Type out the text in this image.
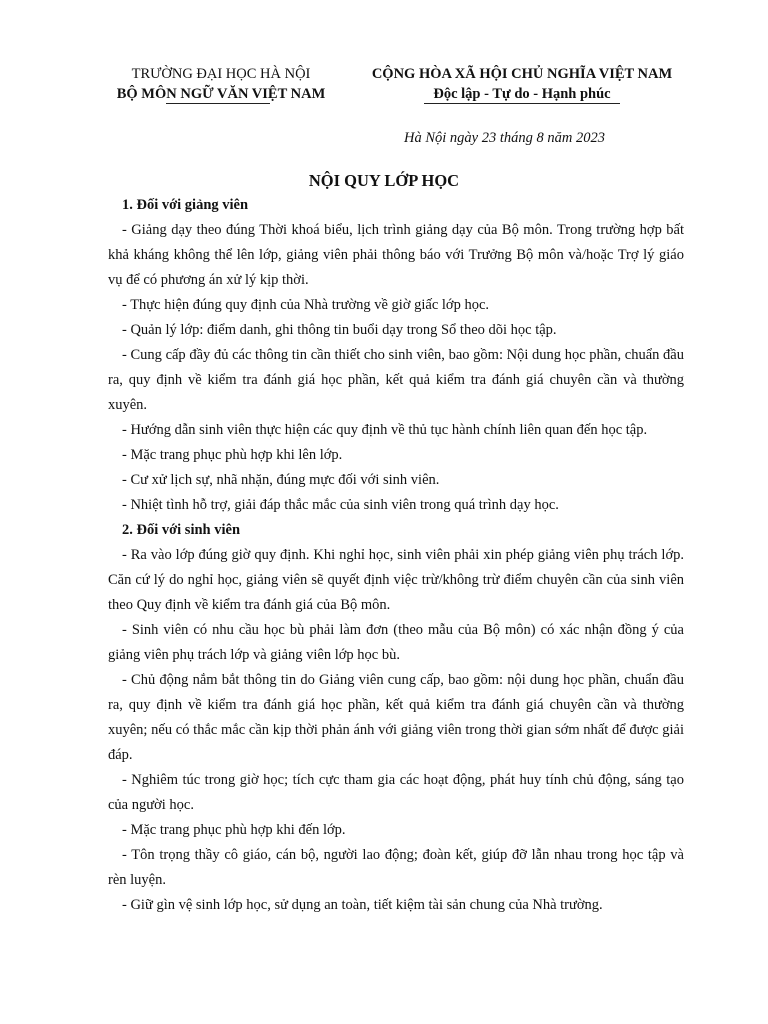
TRƯỜNG ĐẠI HỌC HÀ NỘI
BỘ MÔN NGỮ VĂN VIỆT NAM
CỘNG HÒA XÃ HỘI CHỦ NGHĨA VIỆT NAM
Độc lập - Tự do - Hạnh phúc
Hà Nội ngày 23 tháng 8 năm 2023
NỘI QUY LỚP HỌC

1. Đối với giảng viên

- Giảng dạy theo đúng Thời khoá biểu, lịch trình giảng dạy của Bộ môn. Trong trường hợp bất khả kháng không thể lên lớp, giảng viên phải thông báo với Trưởng Bộ môn và/hoặc Trợ lý giáo vụ để có phương án xử lý kịp thời.

- Thực hiện đúng quy định của Nhà trường về giờ giấc lớp học.

- Quản lý lớp: điểm danh, ghi thông tin buổi dạy trong Sổ theo dõi học tập.

- Cung cấp đầy đủ các thông tin cần thiết cho sinh viên, bao gồm: Nội dung học phần, chuẩn đầu ra, quy định về kiểm tra đánh giá học phần, kết quả kiểm tra đánh giá chuyên cần và thường xuyên.

- Hướng dẫn sinh viên thực hiện các quy định về thủ tục hành chính liên quan đến học tập.

- Mặc trang phục phù hợp khi lên lớp.

- Cư xử lịch sự, nhã nhặn, đúng mực đối với sinh viên.

- Nhiệt tình hỗ trợ, giải đáp thắc mắc của sinh viên trong quá trình dạy học.

2. Đối với sinh viên

- Ra vào lớp đúng giờ quy định. Khi nghỉ học, sinh viên phải xin phép giảng viên phụ trách lớp. Căn cứ lý do nghỉ học, giảng viên sẽ quyết định việc trừ/không trừ điểm chuyên cần của sinh viên theo Quy định về kiểm tra đánh giá của Bộ môn.

- Sinh viên có nhu cầu học bù phải làm đơn (theo mẫu của Bộ môn) có xác nhận đồng ý của giảng viên phụ trách lớp và giảng viên lớp học bù.

- Chủ động nắm bắt thông tin do Giảng viên cung cấp, bao gồm: nội dung học phần, chuẩn đầu ra, quy định về kiểm tra đánh giá học phần, kết quả kiểm tra đánh giá chuyên cần và thường xuyên; nếu có thắc mắc cần kịp thời phản ánh với giảng viên trong thời gian sớm nhất để được giải đáp.

- Nghiêm túc trong giờ học; tích cực tham gia các hoạt động, phát huy tính chủ động, sáng tạo của người học.

- Mặc trang phục phù hợp khi đến lớp.

- Tôn trọng thầy cô giáo, cán bộ, người lao động; đoàn kết, giúp đỡ lẫn nhau trong học tập và rèn luyện.

- Giữ gìn vệ sinh lớp học, sử dụng an toàn, tiết kiệm tài sản chung của Nhà trường.
